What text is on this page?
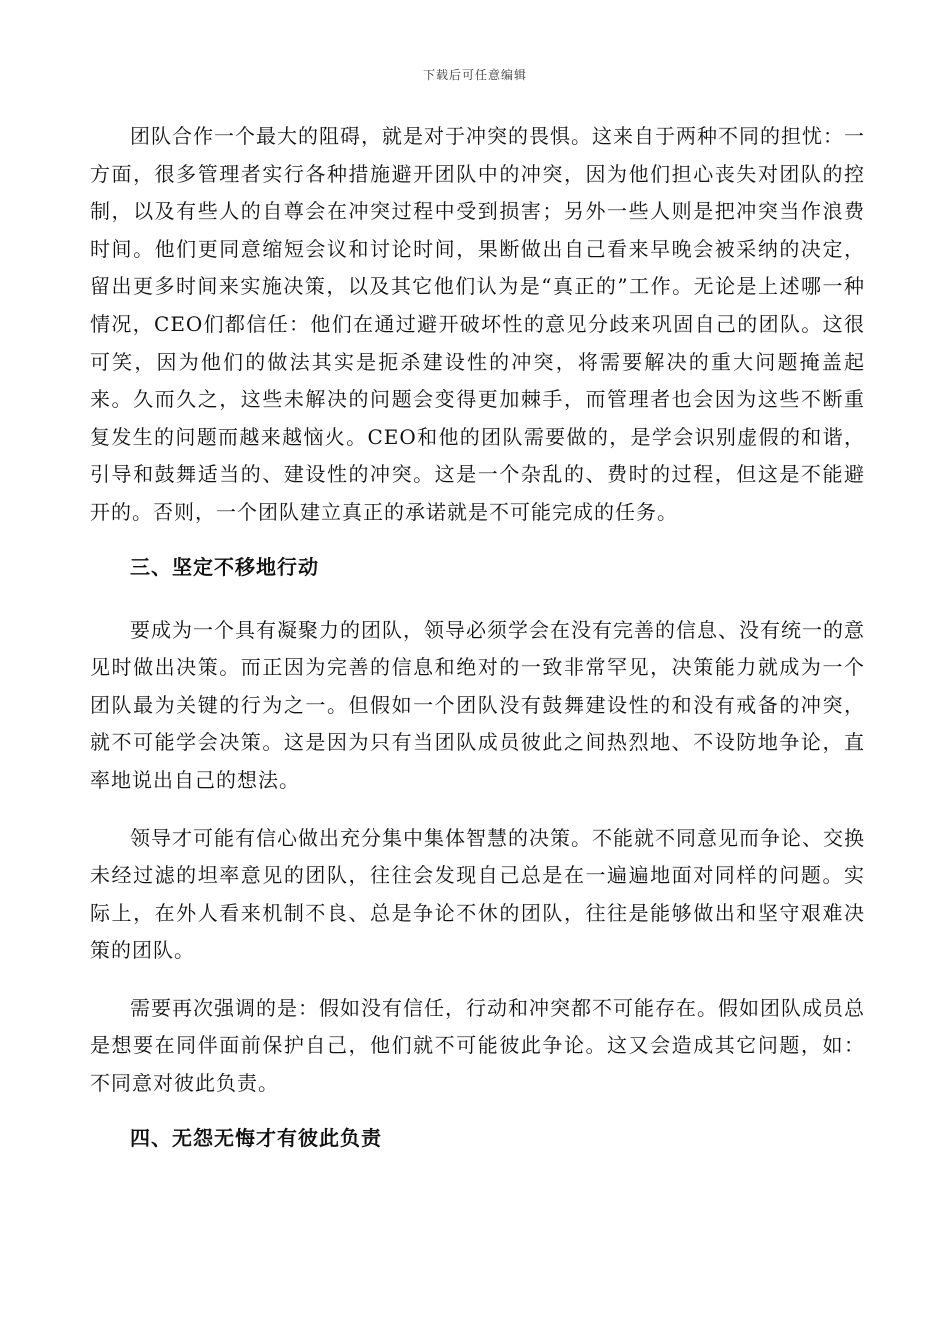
下载后可任意编辑

团队合作一个最大的阻碍，就是对于冲突的畏惧。这来自于两种不同的担忧：一方面，很多管理者实行各种措施避开团队中的冲突，因为他们担心丧失对团队的控制，以及有些人的自尊会在冲突过程中受到损害；另外一些人则是把冲突当作浪费时间。他们更同意缩短会议和讨论时间，果断做出自己看来早晚会被采纳的决定，留出更多时间来实施决策，以及其它他们认为是“真正的”工作。无论是上述哪一种情况，CEO们都信任：他们在通过避开破坏性的意见分歧来巩固自己的团队。这很可笑，因为他们的做法其实是扼杀建设性的冲突，将需要解决的重大问题掩盖起来。久而久之，这些未解决的问题会变得更加棘手，而管理者也会因为这些不断重复发生的问题而越来越恼火。CEO和他的团队需要做的，是学会识别虚假的和谐，引导和鼓舞适当的、建设性的冲突。这是一个杂乱的、费时的过程，但这是不能避开的。否则，一个团队建立真正的承诺就是不可能完成的任务。

三、坚定不移地行动

要成为一个具有凝聚力的团队，领导必须学会在没有完善的信息、没有统一的意见时做出决策。而正因为完善的信息和绝对的一致非常罕见，决策能力就成为一个团队最为关键的行为之一。但假如一个团队没有鼓舞建设性的和没有戒备的冲突，就不可能学会决策。这是因为只有当团队成员彼此之间热烈地、不设防地争论，直率地说出自己的想法。

领导才可能有信心做出充分集中集体智慧的决策。不能就不同意见而争论、交换未经过滤的坦率意见的团队，往往会发现自己总是在一遍遍地面对同样的问题。实际上，在外人看来机制不良、总是争论不休的团队，往往是能够做出和坚守艰难决策的团队。

需要再次强调的是：假如没有信任，行动和冲突都不可能存在。假如团队成员总是想要在同伴面前保护自己，他们就不可能彼此争论。这又会造成其它问题，如：不同意对彼此负责。

四、无怨无悔才有彼此负责
